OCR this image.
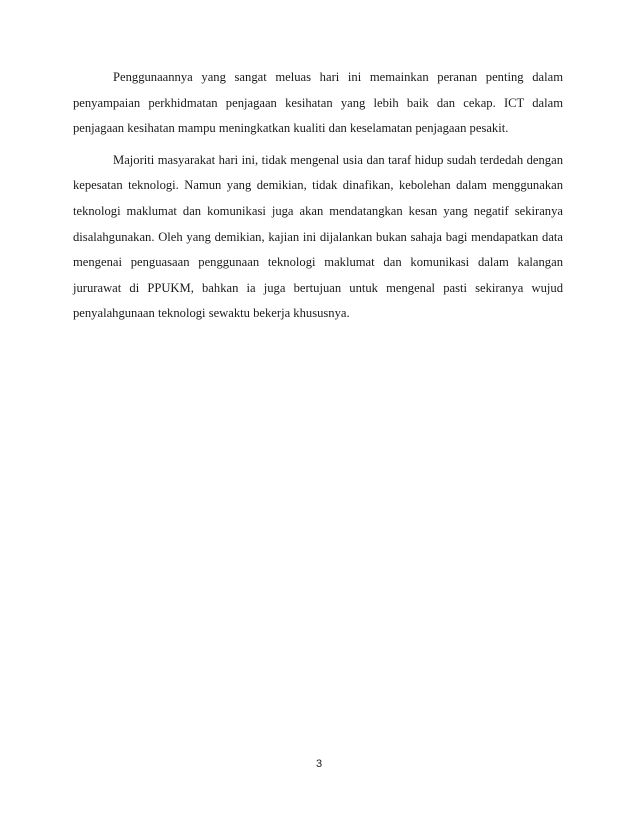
Penggunaannya yang sangat meluas hari ini memainkan peranan penting dalam penyampaian perkhidmatan penjagaan kesihatan yang lebih baik dan cekap. ICT dalam penjagaan kesihatan mampu meningkatkan kualiti dan keselamatan penjagaan pesakit.

Majoriti masyarakat hari ini, tidak mengenal usia dan taraf hidup sudah terdedah dengan kepesatan teknologi. Namun yang demikian, tidak dinafikan, kebolehan dalam menggunakan teknologi maklumat dan komunikasi juga akan mendatangkan kesan yang negatif sekiranya disalahgunakan. Oleh yang demikian, kajian ini dijalankan bukan sahaja bagi mendapatkan data mengenai penguasaan penggunaan teknologi maklumat dan komunikasi dalam kalangan jururawat di PPUKM, bahkan ia juga bertujuan untuk mengenal pasti sekiranya wujud penyalahgunaan teknologi sewaktu bekerja khususnya.

3
